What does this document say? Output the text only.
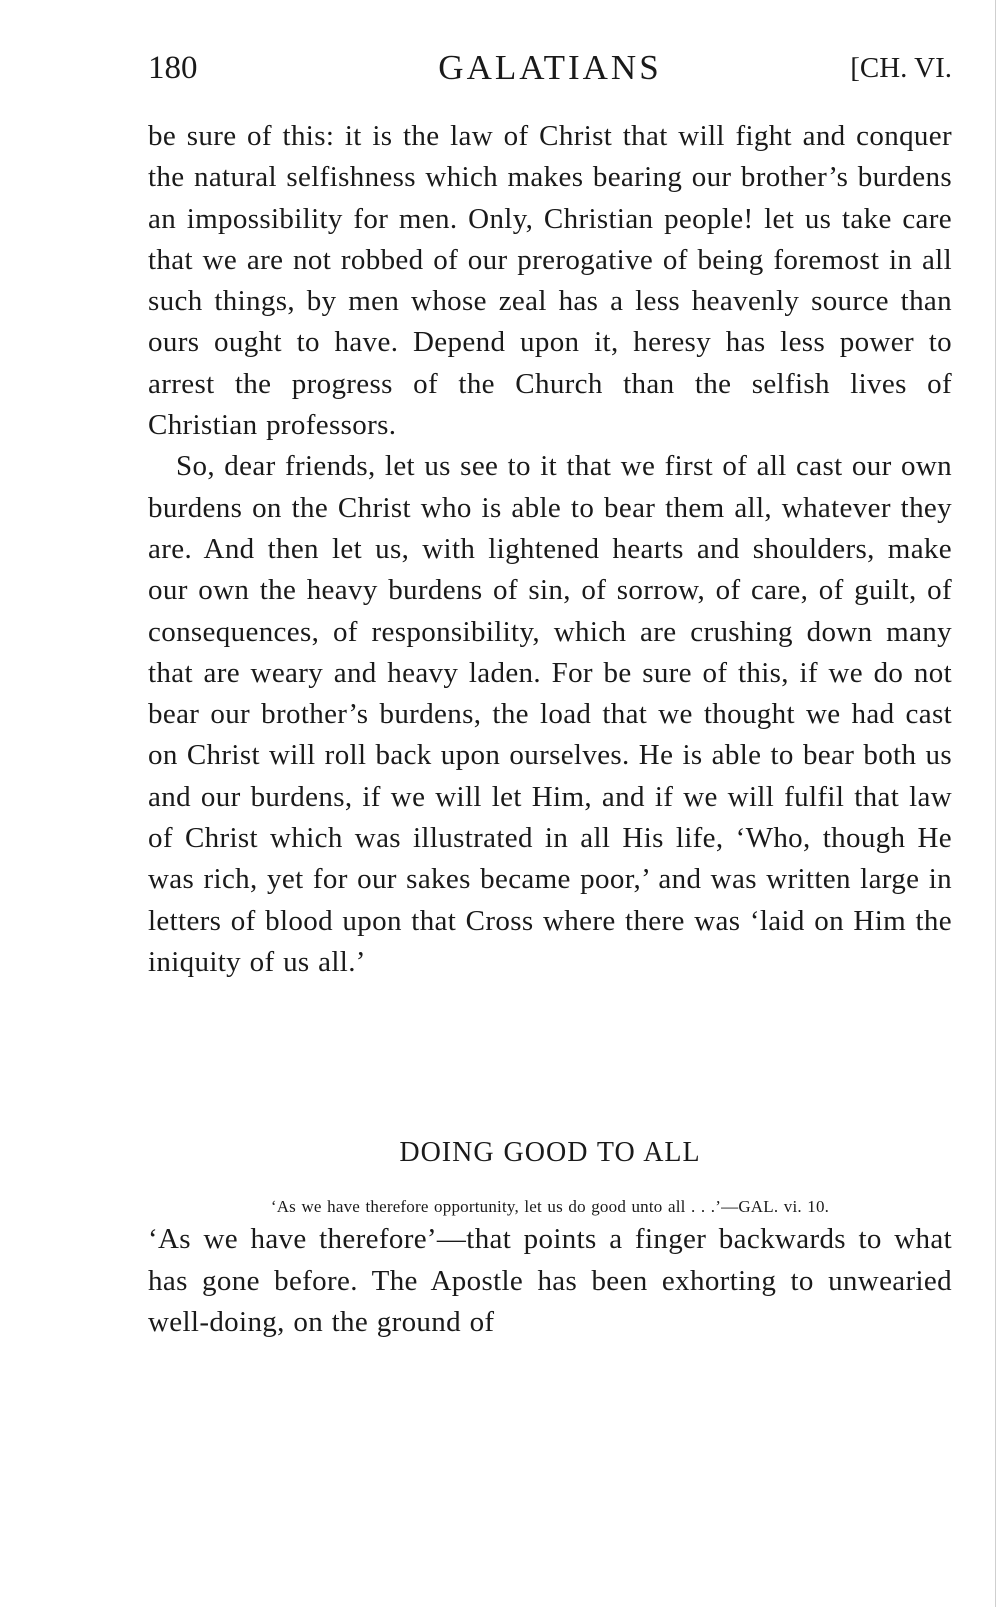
180	GALATIANS	[CH. VI.

be sure of this: it is the law of Christ that will fight and conquer the natural selfishness which makes bearing our brother’s burdens an impossibility for men. Only, Christian people! let us take care that we are not robbed of our prerogative of being foremost in all such things, by men whose zeal has a less heavenly source than ours ought to have. Depend upon it, heresy has less power to arrest the progress of the Church than the selfish lives of Christian professors.

So, dear friends, let us see to it that we first of all cast our own burdens on the Christ who is able to bear them all, whatever they are. And then let us, with lightened hearts and shoulders, make our own the heavy burdens of sin, of sorrow, of care, of guilt, of consequences, of responsibility, which are crushing down many that are weary and heavy laden. For be sure of this, if we do not bear our brother’s burdens, the load that we thought we had cast on Christ will roll back upon ourselves. He is able to bear both us and our burdens, if we will let Him, and if we will fulfil that law of Christ which was illustrated in all His life, ‘Who, though He was rich, yet for our sakes became poor,’ and was written large in letters of blood upon that Cross where there was ‘laid on Him the iniquity of us all.’

DOING GOOD TO ALL
‘As we have therefore opportunity, let us do good unto all . . .’—GAL. vi. 10.

‘As we have therefore’—that points a finger backwards to what has gone before. The Apostle has been exhorting to unwearied well-doing, on the ground of
